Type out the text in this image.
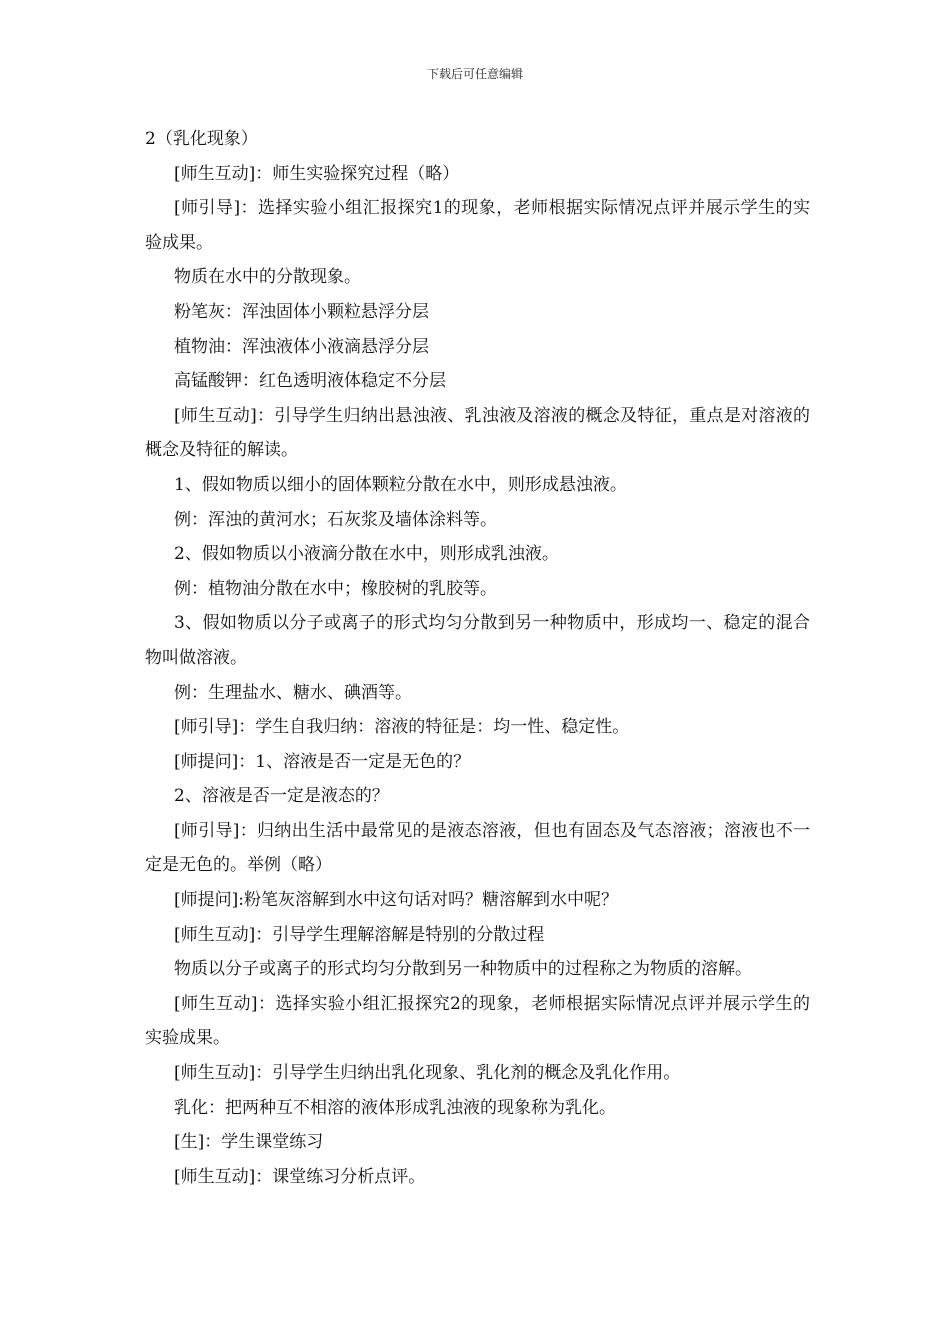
下载后可任意编辑

2（乳化现象）

[师生互动]：师生实验探究过程（略）

[师引导]：选择实验小组汇报探究1的现象，老师根据实际情况点评并展示学生的实验成果。

物质在水中的分散现象。

粉笔灰：浑浊固体小颗粒悬浮分层

植物油：浑浊液体小液滴悬浮分层

高锰酸钾：红色透明液体稳定不分层

[师生互动]：引导学生归纳出悬浊液、乳浊液及溶液的概念及特征，重点是对溶液的概念及特征的解读。

1、假如物质以细小的固体颗粒分散在水中，则形成悬浊液。

例：浑浊的黄河水；石灰浆及墙体涂料等。

2、假如物质以小液滴分散在水中，则形成乳浊液。

例：植物油分散在水中；橡胶树的乳胶等。

3、假如物质以分子或离子的形式均匀分散到另一种物质中，形成均一、稳定的混合物叫做溶液。

例：生理盐水、糖水、碘酒等。

[师引导]：学生自我归纳：溶液的特征是：均一性、稳定性。

[师提问]：1、溶液是否一定是无色的？

2、溶液是否一定是液态的？

[师引导]：归纳出生活中最常见的是液态溶液，但也有固态及气态溶液；溶液也不一定是无色的。举例（略）

[师提问]:粉笔灰溶解到水中这句话对吗？糖溶解到水中呢？

[师生互动]：引导学生理解溶解是特别的分散过程

物质以分子或离子的形式均匀分散到另一种物质中的过程称之为物质的溶解。

[师生互动]：选择实验小组汇报探究2的现象，老师根据实际情况点评并展示学生的实验成果。

[师生互动]：引导学生归纳出乳化现象、乳化剂的概念及乳化作用。

乳化：把两种互不相溶的液体形成乳浊液的现象称为乳化。

[生]：学生课堂练习

[师生互动]：课堂练习分析点评。
